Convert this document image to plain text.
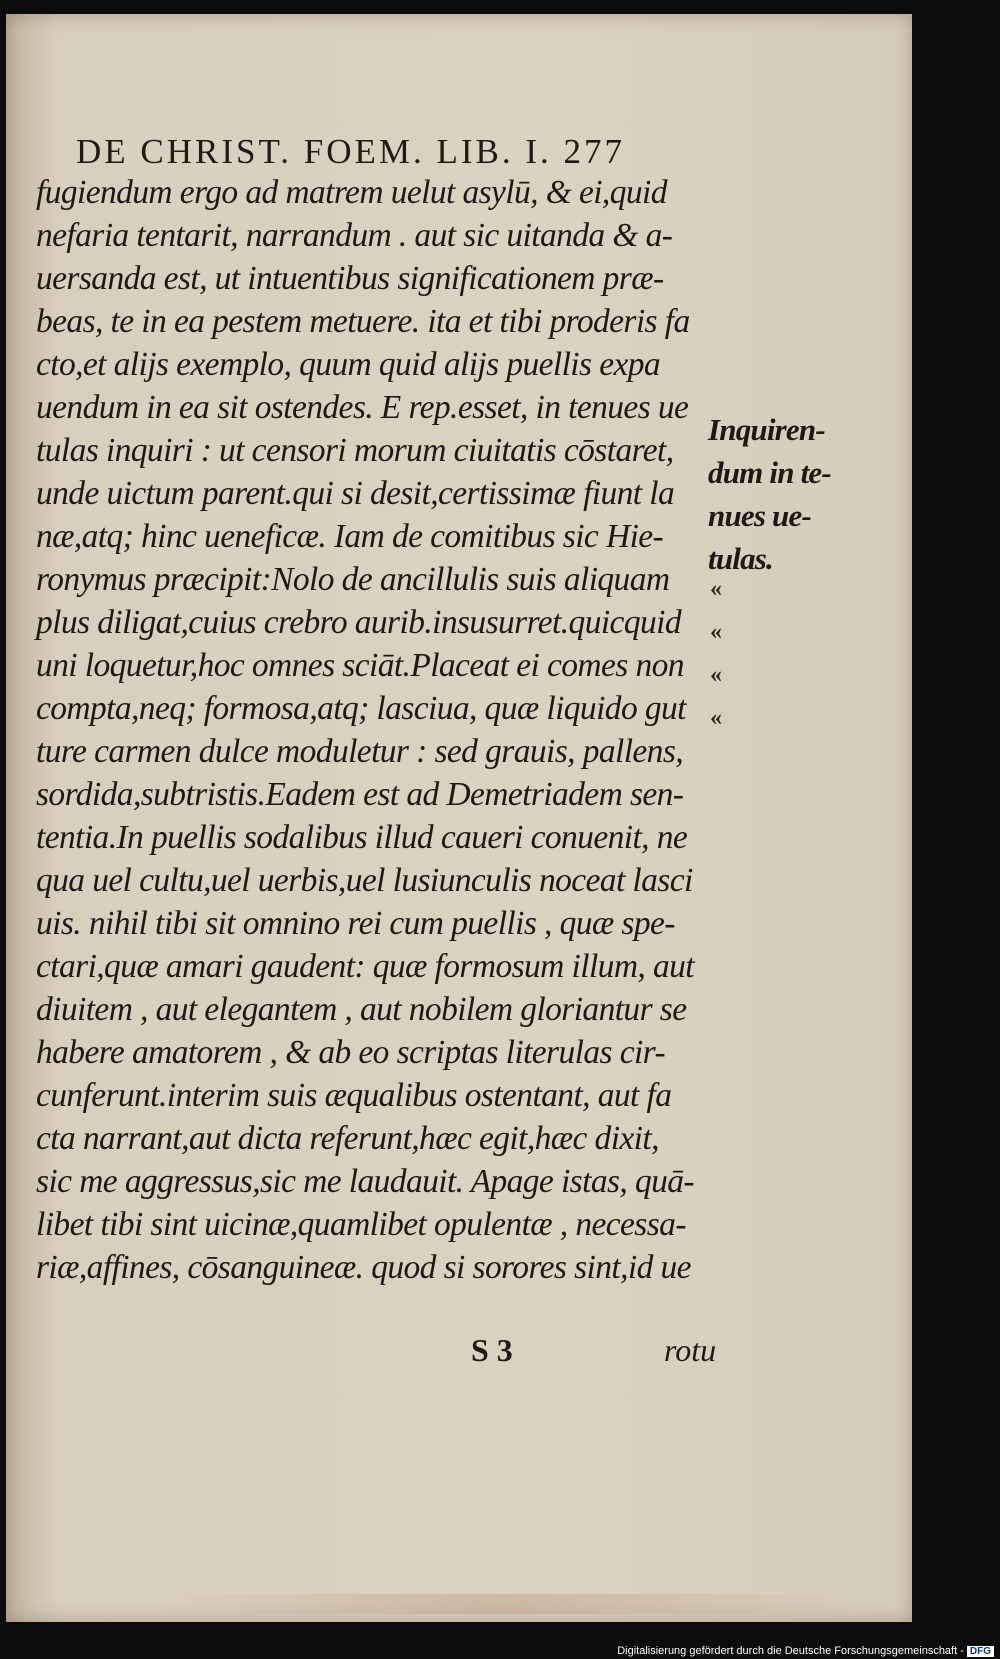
DE CHRIST. FOEM. LIB. I. 277
fugiendum ergo ad matrem uelut asylū, & ei,quid
nefaria tentarit, narrandum . aut sic uitanda & a-
uersanda est, ut intuentibus significationem præ-
beas, te in ea pestem metuere. ita et tibi proderis fa
cto,et alijs exemplo, quum quid alijs puellis expa
uendum in ea sit ostendes. E rep.esset, in tenues ue
tulas inquiri : ut censori morum ciuitatis cōstaret,
unde uictum parent.qui si desit,certissimæ fiunt la
næ,atq; hinc ueneficæ. Iam de comitibus sic Hie-
ronymus præcipit:Nolo de ancillulis suis aliquam
plus diligat,cuius crebro aurib.insusurret.quicquid
uni loquetur,hoc omnes sciāt.Placeat ei comes non
compta,neq; formosa,atq; lasciua, quæ liquido gut
ture carmen dulce moduletur : sed grauis, pallens,
sordida,subtristis.Eadem est ad Demetriadem sen-
tentia.In puellis sodalibus illud caueri conuenit, ne
qua uel cultu,uel uerbis,uel lusiunculis noceat lasci
uis. nihil tibi sit omnino rei cum puellis , quæ spe-
ctari,quæ amari gaudent: quæ formosum illum, aut
diuitem , aut elegantem , aut nobilem gloriantur se
habere amatorem , & ab eo scriptas literulas cir-
cunferunt.interim suis æqualibus ostentant, aut fa
cta narrant,aut dicta referunt,hæc egit,hæc dixit,
sic me aggressus,sic me laudauit. Apage istas, quā-
libet tibi sint uicinæ,quamlibet opulentæ , necessa-
riæ,affines, cōsanguineæ. quod si sorores sint,id ue
Inquiren-
dum in te-
nues ue-
tulas.
«
«
«
«
S 3	rotu
Digitalisierung gefördert durch die Deutsche Forschungsgemeinschaft - DFG
